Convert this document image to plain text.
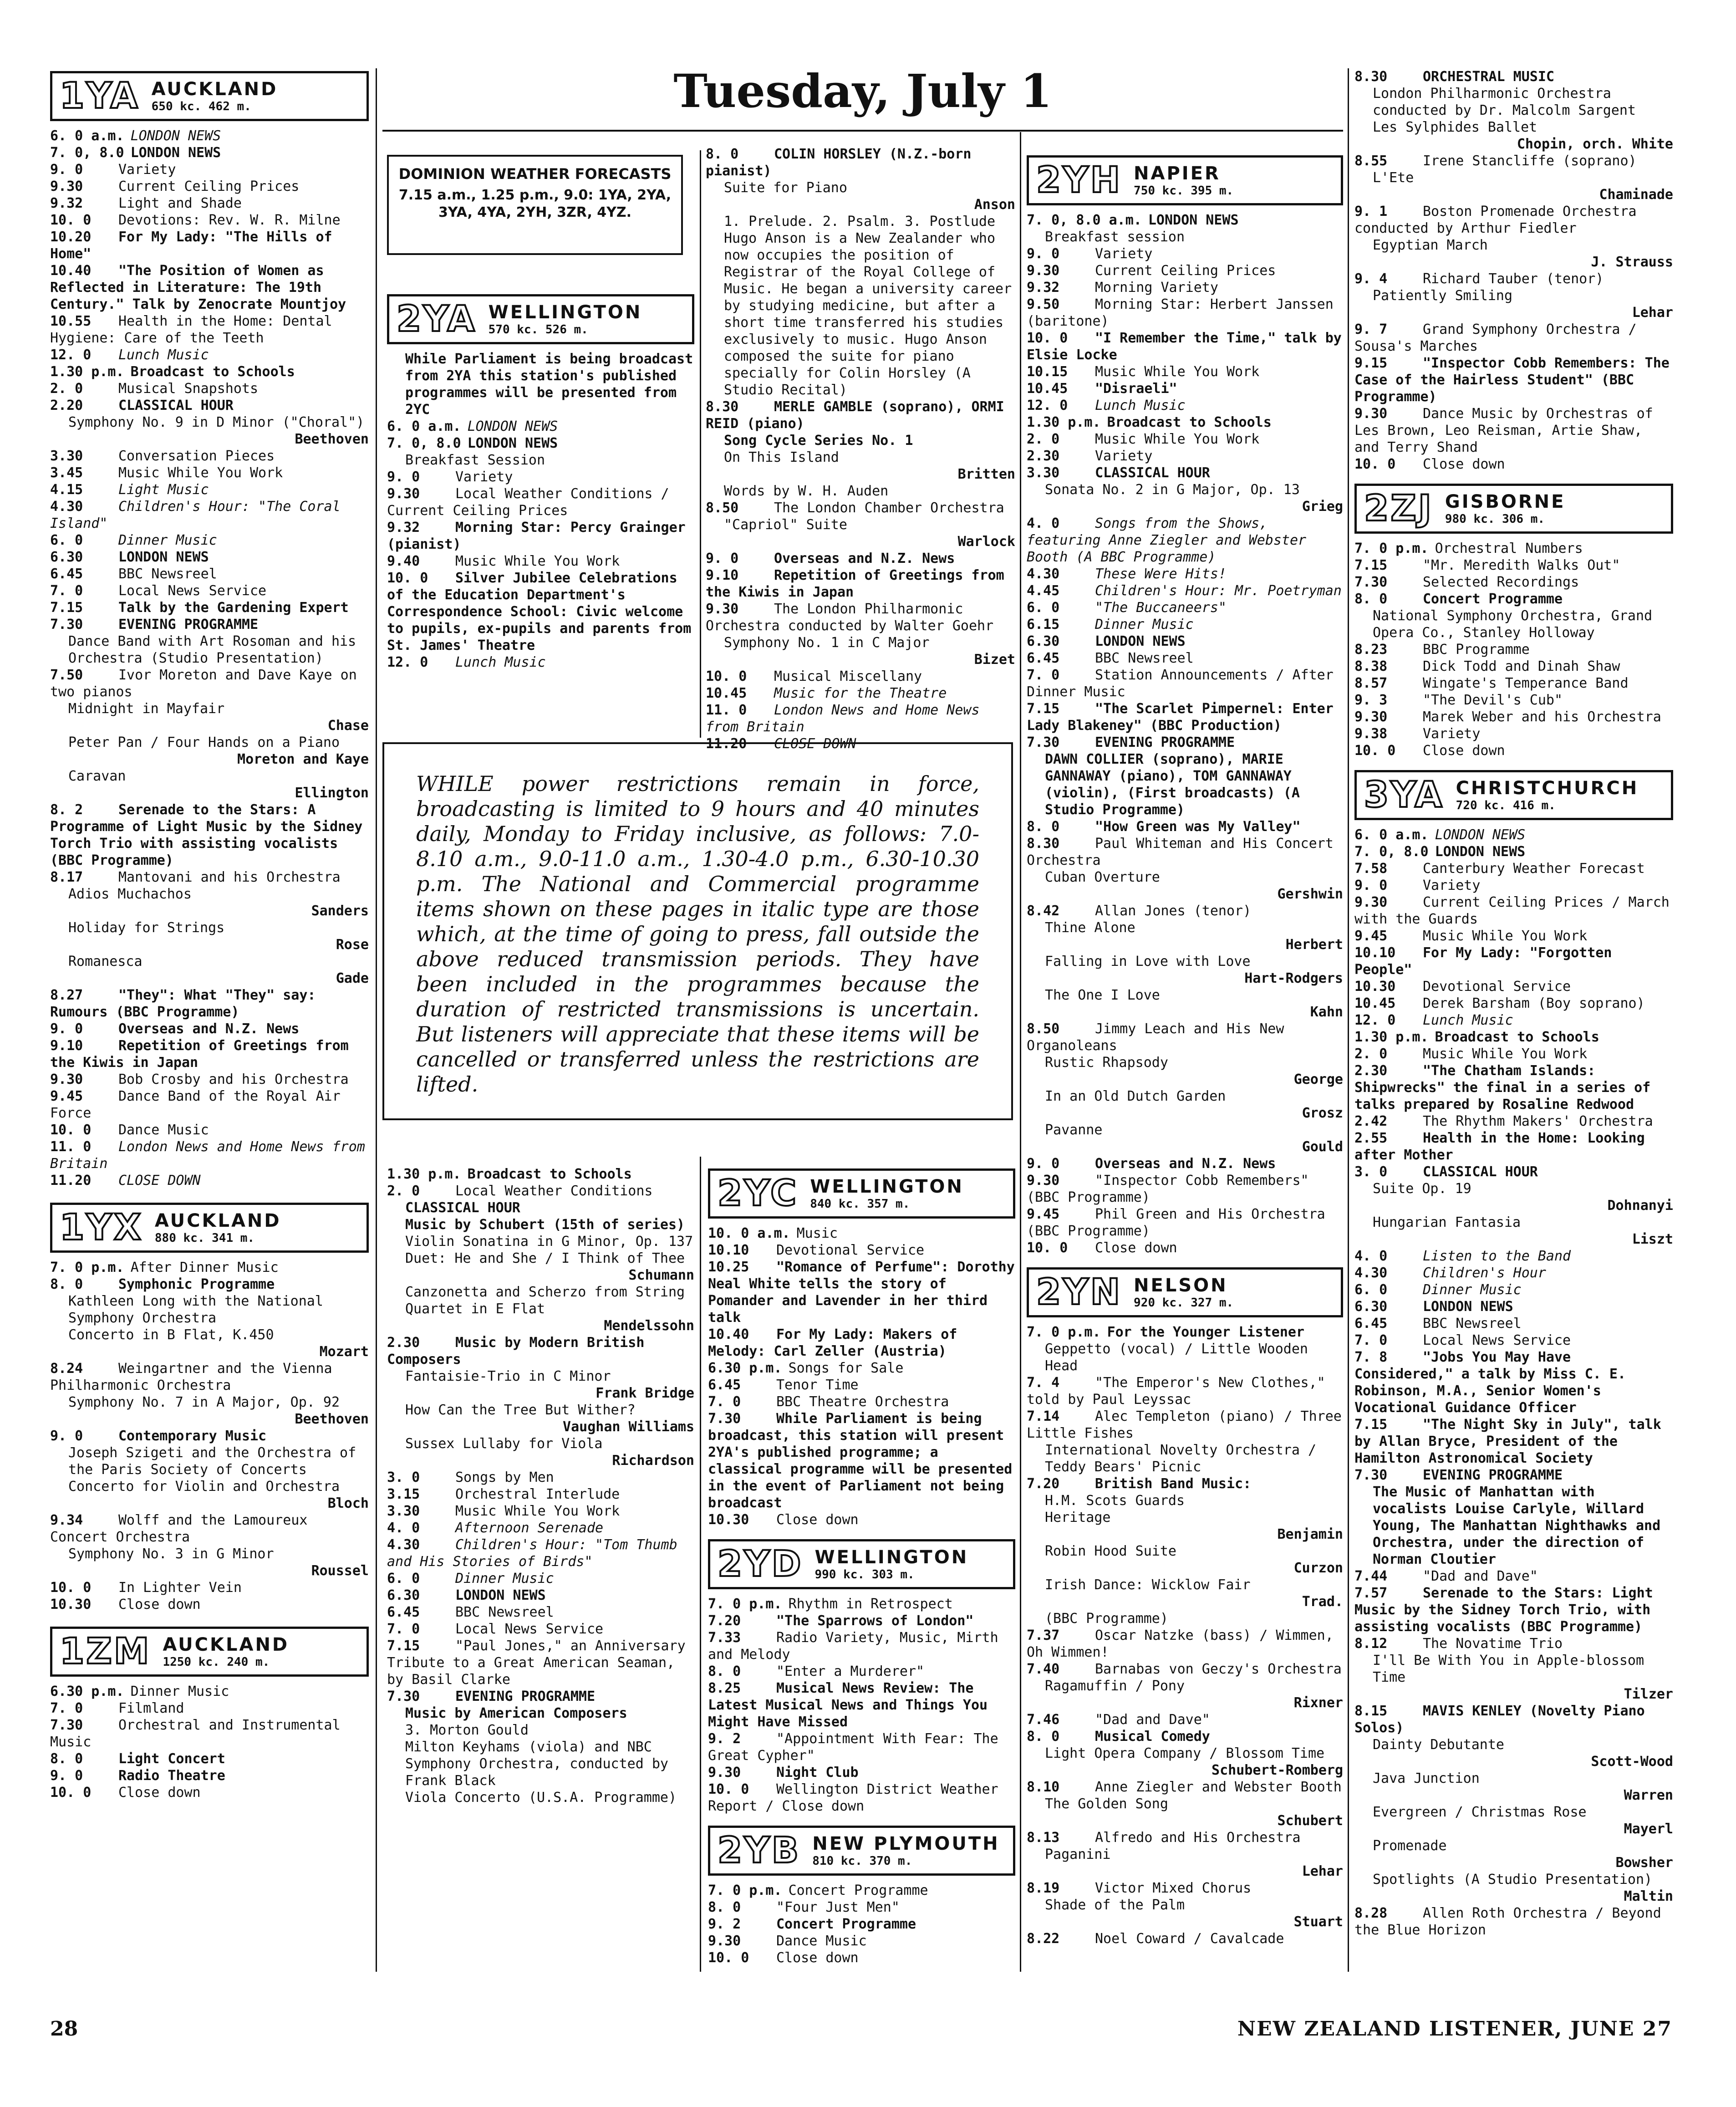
Tuesday, July 1
1YA AUCKLAND
650 kc. 462 m.
6. 0 a.m. LONDON NEWS
7. 0, 8.0 LONDON NEWS
9. 0	Variety
9.30	Current Ceiling Prices
9.32	Light and Shade
10. 0 Devotions: Rev. W. R. Milne
10.20 For My Lady: "The Hills of Home"
10.40 "The Position of Women as Reflected in Literature: The 19th Century." Talk by Zenocrate Mountjoy
10.55 Health in the Home: Dental Hygiene: Care of the Teeth
12. 0 Lunch Music
1.30 p.m. Broadcast to Schools
2. 0	Musical Snapshots
2.20	CLASSICAL HOUR
Symphony No. 9 in D Minor ("Choral")
Beethoven
3.30	Conversation Pieces
3.45	Music While You Work
4.15	Light Music
4.30	Children's Hour: "The Coral Island"
6. 0	Dinner Music
6.30	LONDON NEWS
6.45	BBC Newsreel
7. 0	Local News Service
7.15	Talk by the Gardening Expert
7.30	EVENING PROGRAMME
Dance Band with Art Rosoman and his Orchestra (Studio Presentation)
7.50	Ivor Moreton and Dave Kaye on two pianos
Midnight in Mayfair
Chase
Peter Pan / Four Hands on a Piano
Moreton and Kaye
Caravan
Ellington
8. 2	Serenade to the Stars: A Programme of Light Music by the Sidney Torch Trio with assisting vocalists (BBC Programme)
8.17	Mantovani and his Orchestra
Adios Muchachos
Sanders
Holiday for Strings
Rose
Romanesca
Gade
8.27	"They": What "They" say: Rumours (BBC Programme)
9. 0	Overseas and N.Z. News
9.10	Repetition of Greetings from the Kiwis in Japan
9.30	Bob Crosby and his Orchestra
9.45	Dance Band of the Royal Air Force
10. 0 Dance Music
11. 0 London News and Home News from Britain
11.20 CLOSE DOWN
1YX AUCKLAND
880 kc. 341 m.
7. 0 p.m. After Dinner Music
8. 0	Symphonic Programme
Kathleen Long with the National Symphony Orchestra
Concerto in B Flat, K.450
Mozart
8.24	Weingartner and the Vienna Philharmonic Orchestra
Symphony No. 7 in A Major, Op. 92
Beethoven
9. 0	Contemporary Music
Joseph Szigeti and the Orchestra of the Paris Society of Concerts
Concerto for Violin and Orchestra
Bloch
9.34	Wolff and the Lamoureux Concert Orchestra
Symphony No. 3 in G Minor
Roussel
10. 0 In Lighter Vein
10.30 Close down
1ZM AUCKLAND
1250 kc. 240 m.
6.30 p.m. Dinner Music
7. 0	Filmland
7.30	Orchestral and Instrumental Music
8. 0	Light Concert
9. 0	Radio Theatre
10. 0 Close down
DOMINION WEATHER FORECASTS
7.15 a.m., 1.25 p.m., 9.0: 1YA, 2YA, 3YA, 4YA, 2YH, 3ZR, 4YZ.
2YA WELLINGTON
570 kc. 526 m.
While Parliament is being broadcast from 2YA this station's published programmes will be presented from 2YC
6. 0 a.m. LONDON NEWS
7. 0, 8.0 LONDON NEWS
Breakfast Session
9. 0	Variety
9.30	Local Weather Conditions / Current Ceiling Prices
9.32	Morning Star: Percy Grainger (pianist)
9.40	Music While You Work
10. 0 Silver Jubilee Celebrations of the Education Department's Correspondence School: Civic welcome to pupils, ex-pupils and parents from St. James' Theatre
12. 0 Lunch Music
8. 0	COLIN HORSLEY (N.Z.-born pianist)
Suite for Piano
Anson
1. Prelude. 2. Psalm. 3. Postlude
Hugo Anson is a New Zealander who now occupies the position of Registrar of the Royal College of Music. He began a university career by studying medicine, but after a short time transferred his studies exclusively to music. Hugo Anson composed the suite for piano specially for Colin Horsley (A Studio Recital)
8.30	MERLE GAMBLE (soprano), ORMI REID (piano)
Song Cycle Series No. 1
On This Island
Britten
Words by W. H. Auden
8.50	The London Chamber Orchestra
"Capriol" Suite
Warlock
9. 0	Overseas and N.Z. News
9.10	Repetition of Greetings from the Kiwis in Japan
9.30	The London Philharmonic Orchestra conducted by Walter Goehr
Symphony No. 1 in C Major
Bizet
10. 0 Musical Miscellany
10.45 Music for the Theatre
11. 0 London News and Home News from Britain
11.20 CLOSE DOWN
WHILE power restrictions remain in force, broadcasting is limited to 9 hours and 40 minutes daily, Monday to Friday inclusive, as follows: 7.0-8.10 a.m., 9.0-11.0 a.m., 1.30-4.0 p.m., 6.30-10.30 p.m. The National and Commercial programme items shown on these pages in italic type are those which, at the time of going to press, fall outside the above reduced transmission periods. They have been included in the programmes because the duration of restricted transmissions is uncertain. But listeners will appreciate that these items will be cancelled or transferred unless the restrictions are lifted.
1.30 p.m. Broadcast to Schools
2. 0	Local Weather Conditions
CLASSICAL HOUR
Music by Schubert (15th of series)
Violin Sonatina in G Minor, Op. 137
Duet: He and She / I Think of Thee
Schumann
Canzonetta and Scherzo from String Quartet in E Flat
Mendelssohn
2.30	Music by Modern British Composers
Fantaisie-Trio in C Minor
Frank Bridge
How Can the Tree But Wither?
Vaughan Williams
Sussex Lullaby for Viola
Richardson
3. 0	Songs by Men
3.15	Orchestral Interlude
3.30	Music While You Work
4. 0	Afternoon Serenade
4.30	Children's Hour: "Tom Thumb and His Stories of Birds"
6. 0	Dinner Music
6.30	LONDON NEWS
6.45	BBC Newsreel
7. 0	Local News Service
7.15	"Paul Jones," an Anniversary Tribute to a Great American Seaman, by Basil Clarke
7.30	EVENING PROGRAMME
Music by American Composers
3. Morton Gould
Milton Keyhams (viola) and NBC Symphony Orchestra, conducted by Frank Black
Viola Concerto (U.S.A. Programme)
2YC WELLINGTON
840 kc. 357 m.
10. 0 a.m. Music
10.10 Devotional Service
10.25 "Romance of Perfume": Dorothy Neal White tells the story of Pomander and Lavender in her third talk
10.40 For My Lady: Makers of Melody: Carl Zeller (Austria)
6.30 p.m. Songs for Sale
6.45	Tenor Time
7. 0	BBC Theatre Orchestra
7.30	While Parliament is being broadcast, this station will present 2YA's published programme; a classical programme will be presented in the event of Parliament not being broadcast
10.30 Close down
2YD WELLINGTON
990 kc. 303 m.
7. 0 p.m. Rhythm in Retrospect
7.20	"The Sparrows of London"
7.33	Radio Variety, Music, Mirth and Melody
8. 0	"Enter a Murderer"
8.25	Musical News Review: The Latest Musical News and Things You Might Have Missed
9. 2	"Appointment With Fear: The Great Cypher"
9.30	Night Club
10. 0 Wellington District Weather Report / Close down
2YB NEW PLYMOUTH
810 kc. 370 m.
7. 0 p.m. Concert Programme
8. 0	"Four Just Men"
9. 2	Concert Programme
9.30	Dance Music
10. 0 Close down
2YH NAPIER
750 kc. 395 m.
7. 0, 8.0 a.m. LONDON NEWS
Breakfast session
9. 0	Variety
9.30	Current Ceiling Prices
9.32	Morning Variety
9.50	Morning Star: Herbert Janssen (baritone)
10. 0 "I Remember the Time," talk by Elsie Locke
10.15 Music While You Work
10.45 "Disraeli"
12. 0 Lunch Music
1.30 p.m. Broadcast to Schools
2. 0	Music While You Work
2.30	Variety
3.30	CLASSICAL HOUR
Sonata No. 2 in G Major, Op. 13
Grieg
4. 0	Songs from the Shows, featuring Anne Ziegler and Webster Booth (A BBC Programme)
4.30	These Were Hits!
4.45	Children's Hour: Mr. Poetryman
6. 0	"The Buccaneers"
6.15	Dinner Music
6.30	LONDON NEWS
6.45	BBC Newsreel
7. 0	Station Announcements / After Dinner Music
7.15	"The Scarlet Pimpernel: Enter Lady Blakeney" (BBC Production)
7.30	EVENING PROGRAMME
DAWN COLLIER (soprano), MARIE GANNAWAY (piano), TOM GANNAWAY (violin), (First broadcasts) (A Studio Programme)
8. 0	"How Green was My Valley"
8.30	Paul Whiteman and His Concert Orchestra
Cuban Overture
Gershwin
8.42	Allan Jones (tenor)
Thine Alone
Herbert
Falling in Love with Love
Hart-Rodgers
The One I Love
Kahn
8.50	Jimmy Leach and His New Organoleans
Rustic Rhapsody
George
In an Old Dutch Garden
Grosz
Pavanne
Gould
9. 0	Overseas and N.Z. News
9.30	"Inspector Cobb Remembers" (BBC Programme)
9.45	Phil Green and His Orchestra (BBC Programme)
10. 0 Close down
2YN NELSON
920 kc. 327 m.
7. 0 p.m. For the Younger Listener
Geppetto (vocal) / Little Wooden Head
7. 4	"The Emperor's New Clothes," told by Paul Leyssac
7.14	Alec Templeton (piano) / Three Little Fishes
International Novelty Orchestra / Teddy Bears' Picnic
7.20	British Band Music:
H.M. Scots Guards
Heritage
Benjamin
Robin Hood Suite
Curzon
Irish Dance: Wicklow Fair
Trad.
(BBC Programme)
7.37	Oscar Natzke (bass) / Wimmen, Oh Wimmen!
7.40	Barnabas von Geczy's Orchestra
Ragamuffin / Pony
Rixner
7.46	"Dad and Dave"
8. 0	Musical Comedy
Light Opera Company / Blossom Time
Schubert-Romberg
8.10	Anne Ziegler and Webster Booth
The Golden Song
Schubert
8.13	Alfredo and His Orchestra
Paganini
Lehar
8.19	Victor Mixed Chorus
Shade of the Palm
Stuart
8.22	Noel Coward / Cavalcade
8.30	ORCHESTRAL MUSIC
London Philharmonic Orchestra conducted by Dr. Malcolm Sargent
Les Sylphides Ballet
Chopin, orch. White
8.55	Irene Stancliffe (soprano)
L'Ete
Chaminade
9. 1	Boston Promenade Orchestra conducted by Arthur Fiedler
Egyptian March
J. Strauss
9. 4	Richard Tauber (tenor)
Patiently Smiling
Lehar
9. 7	Grand Symphony Orchestra / Sousa's Marches
9.15	"Inspector Cobb Remembers: The Case of the Hairless Student" (BBC Programme)
9.30	Dance Music by Orchestras of Les Brown, Leo Reisman, Artie Shaw, and Terry Shand
10. 0 Close down
2ZJ GISBORNE
980 kc. 306 m.
7. 0 p.m. Orchestral Numbers
7.15	"Mr. Meredith Walks Out"
7.30	Selected Recordings
8. 0	Concert Programme
National Symphony Orchestra, Grand Opera Co., Stanley Holloway
8.23	BBC Programme
8.38	Dick Todd and Dinah Shaw
8.57	Wingate's Temperance Band
9. 3	"The Devil's Cub"
9.30	Marek Weber and his Orchestra
9.38	Variety
10. 0 Close down
3YA CHRISTCHURCH
720 kc. 416 m.
6. 0 a.m. LONDON NEWS
7. 0, 8.0 LONDON NEWS
7.58	Canterbury Weather Forecast
9. 0	Variety
9.30	Current Ceiling Prices / March with the Guards
9.45	Music While You Work
10.10 For My Lady: "Forgotten People"
10.30 Devotional Service
10.45 Derek Barsham (Boy soprano)
12. 0 Lunch Music
1.30 p.m. Broadcast to Schools
2. 0	Music While You Work
2.30	"The Chatham Islands: Shipwrecks" the final in a series of talks prepared by Rosaline Redwood
2.42	The Rhythm Makers' Orchestra
2.55	Health in the Home: Looking after Mother
3. 0	CLASSICAL HOUR
Suite Op. 19
Dohnanyi
Hungarian Fantasia
Liszt
4. 0	Listen to the Band
4.30	Children's Hour
6. 0	Dinner Music
6.30	LONDON NEWS
6.45	BBC Newsreel
7. 0	Local News Service
7. 8	"Jobs You May Have Considered," a talk by Miss C. E. Robinson, M.A., Senior Women's Vocational Guidance Officer
7.15	"The Night Sky in July", talk by Allan Bryce, President of the Hamilton Astronomical Society
7.30	EVENING PROGRAMME
The Music of Manhattan with vocalists Louise Carlyle, Willard Young, The Manhattan Nighthawks and Orchestra, under the direction of Norman Cloutier
7.44	"Dad and Dave"
7.57	Serenade to the Stars: Light Music by the Sidney Torch Trio, with assisting vocalists (BBC Programme)
8.12	The Novatime Trio
I'll Be With You in Apple-blossom Time
Tilzer
8.15	MAVIS KENLEY (Novelty Piano Solos)
Dainty Debutante
Scott-Wood
Java Junction
Warren
Evergreen / Christmas Rose
Mayerl
Promenade
Bowsher
Spotlights (A Studio Presentation)
Maltin
8.28	Allen Roth Orchestra / Beyond the Blue Horizon
28	NEW ZEALAND LISTENER, JUNE 27
